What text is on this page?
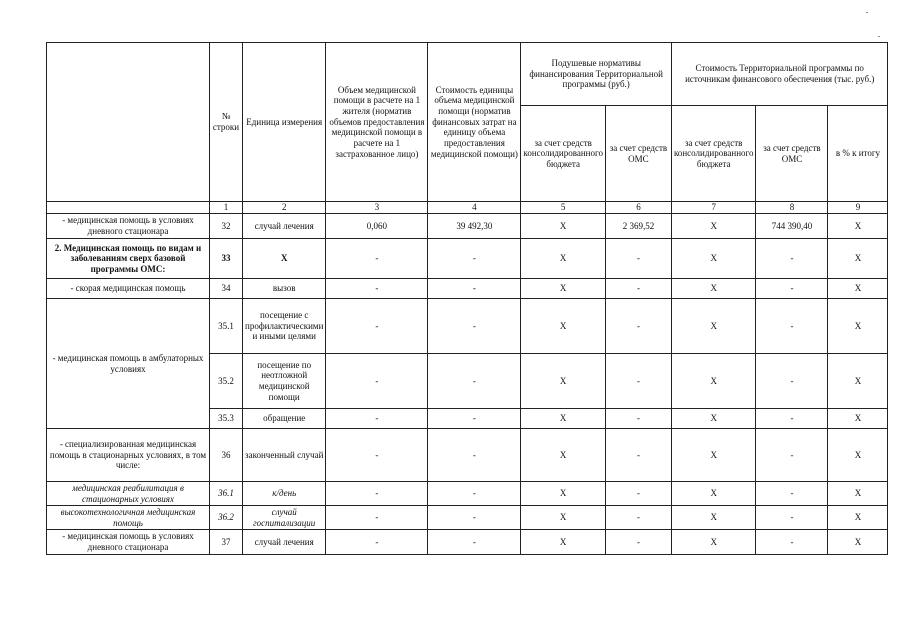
	№ строки	Единица измерения	Объем медицинской помощи в расчете на 1 жителя (норматив объемов предоставления медицинской помощи в расчете на 1 застрахованное лицо)	Стоимость единицы объема медицинской помощи (норматив финансовых затрат на единицу объема предоставления медицинской помощи)	Подушевые нормативы финансирования Территориальной программы (руб.)		Стоимость Территориальной программы по источникам финансового обеспечения (тыс. руб.)		
					за счет средств консолидированного бюджета	за счет средств ОМС	за счет средств консолидированного бюджета	за счет средств ОМС	в % к итогу
	1	2	3	4	5	6	7	8	9
- медицинская помощь в условиях дневного стационара	32	случай лечения	0,060	39 492,30	Х	2 369,52	Х	744 390,40	Х
2. Медицинская помощь по видам и заболеваниям сверх базовой программы ОМС:	33	Х	-	-	Х	-	Х	-	Х
- скорая медицинская помощь	34	вызов	-	-	Х	-	Х	-	Х
- медицинская помощь в амбулаторных условиях	35.1	посещение с профилактическими и иными целями	-	-	Х	-	Х	-	Х
	35.2	посещение по неотложной медицинской помощи	-	-	Х	-	Х	-	Х
	35.3	обращение	-	-	Х	-	Х	-	Х
- специализированная медицинская помощь в стационарных условиях, в том числе:	36	законченный случай	-	-	Х	-	Х	-	Х
медицинская реабилитация в стационарных условиях	36.1	к/день	-	-	Х	-	Х	-	Х
высокотехнологичная медицинская помощь	36.2	случай госпитализации	-	-	Х	-	Х	-	Х
- медицинская помощь в условиях дневного стационара	37	случай лечения	-	-	Х	-	Х	-	Х
